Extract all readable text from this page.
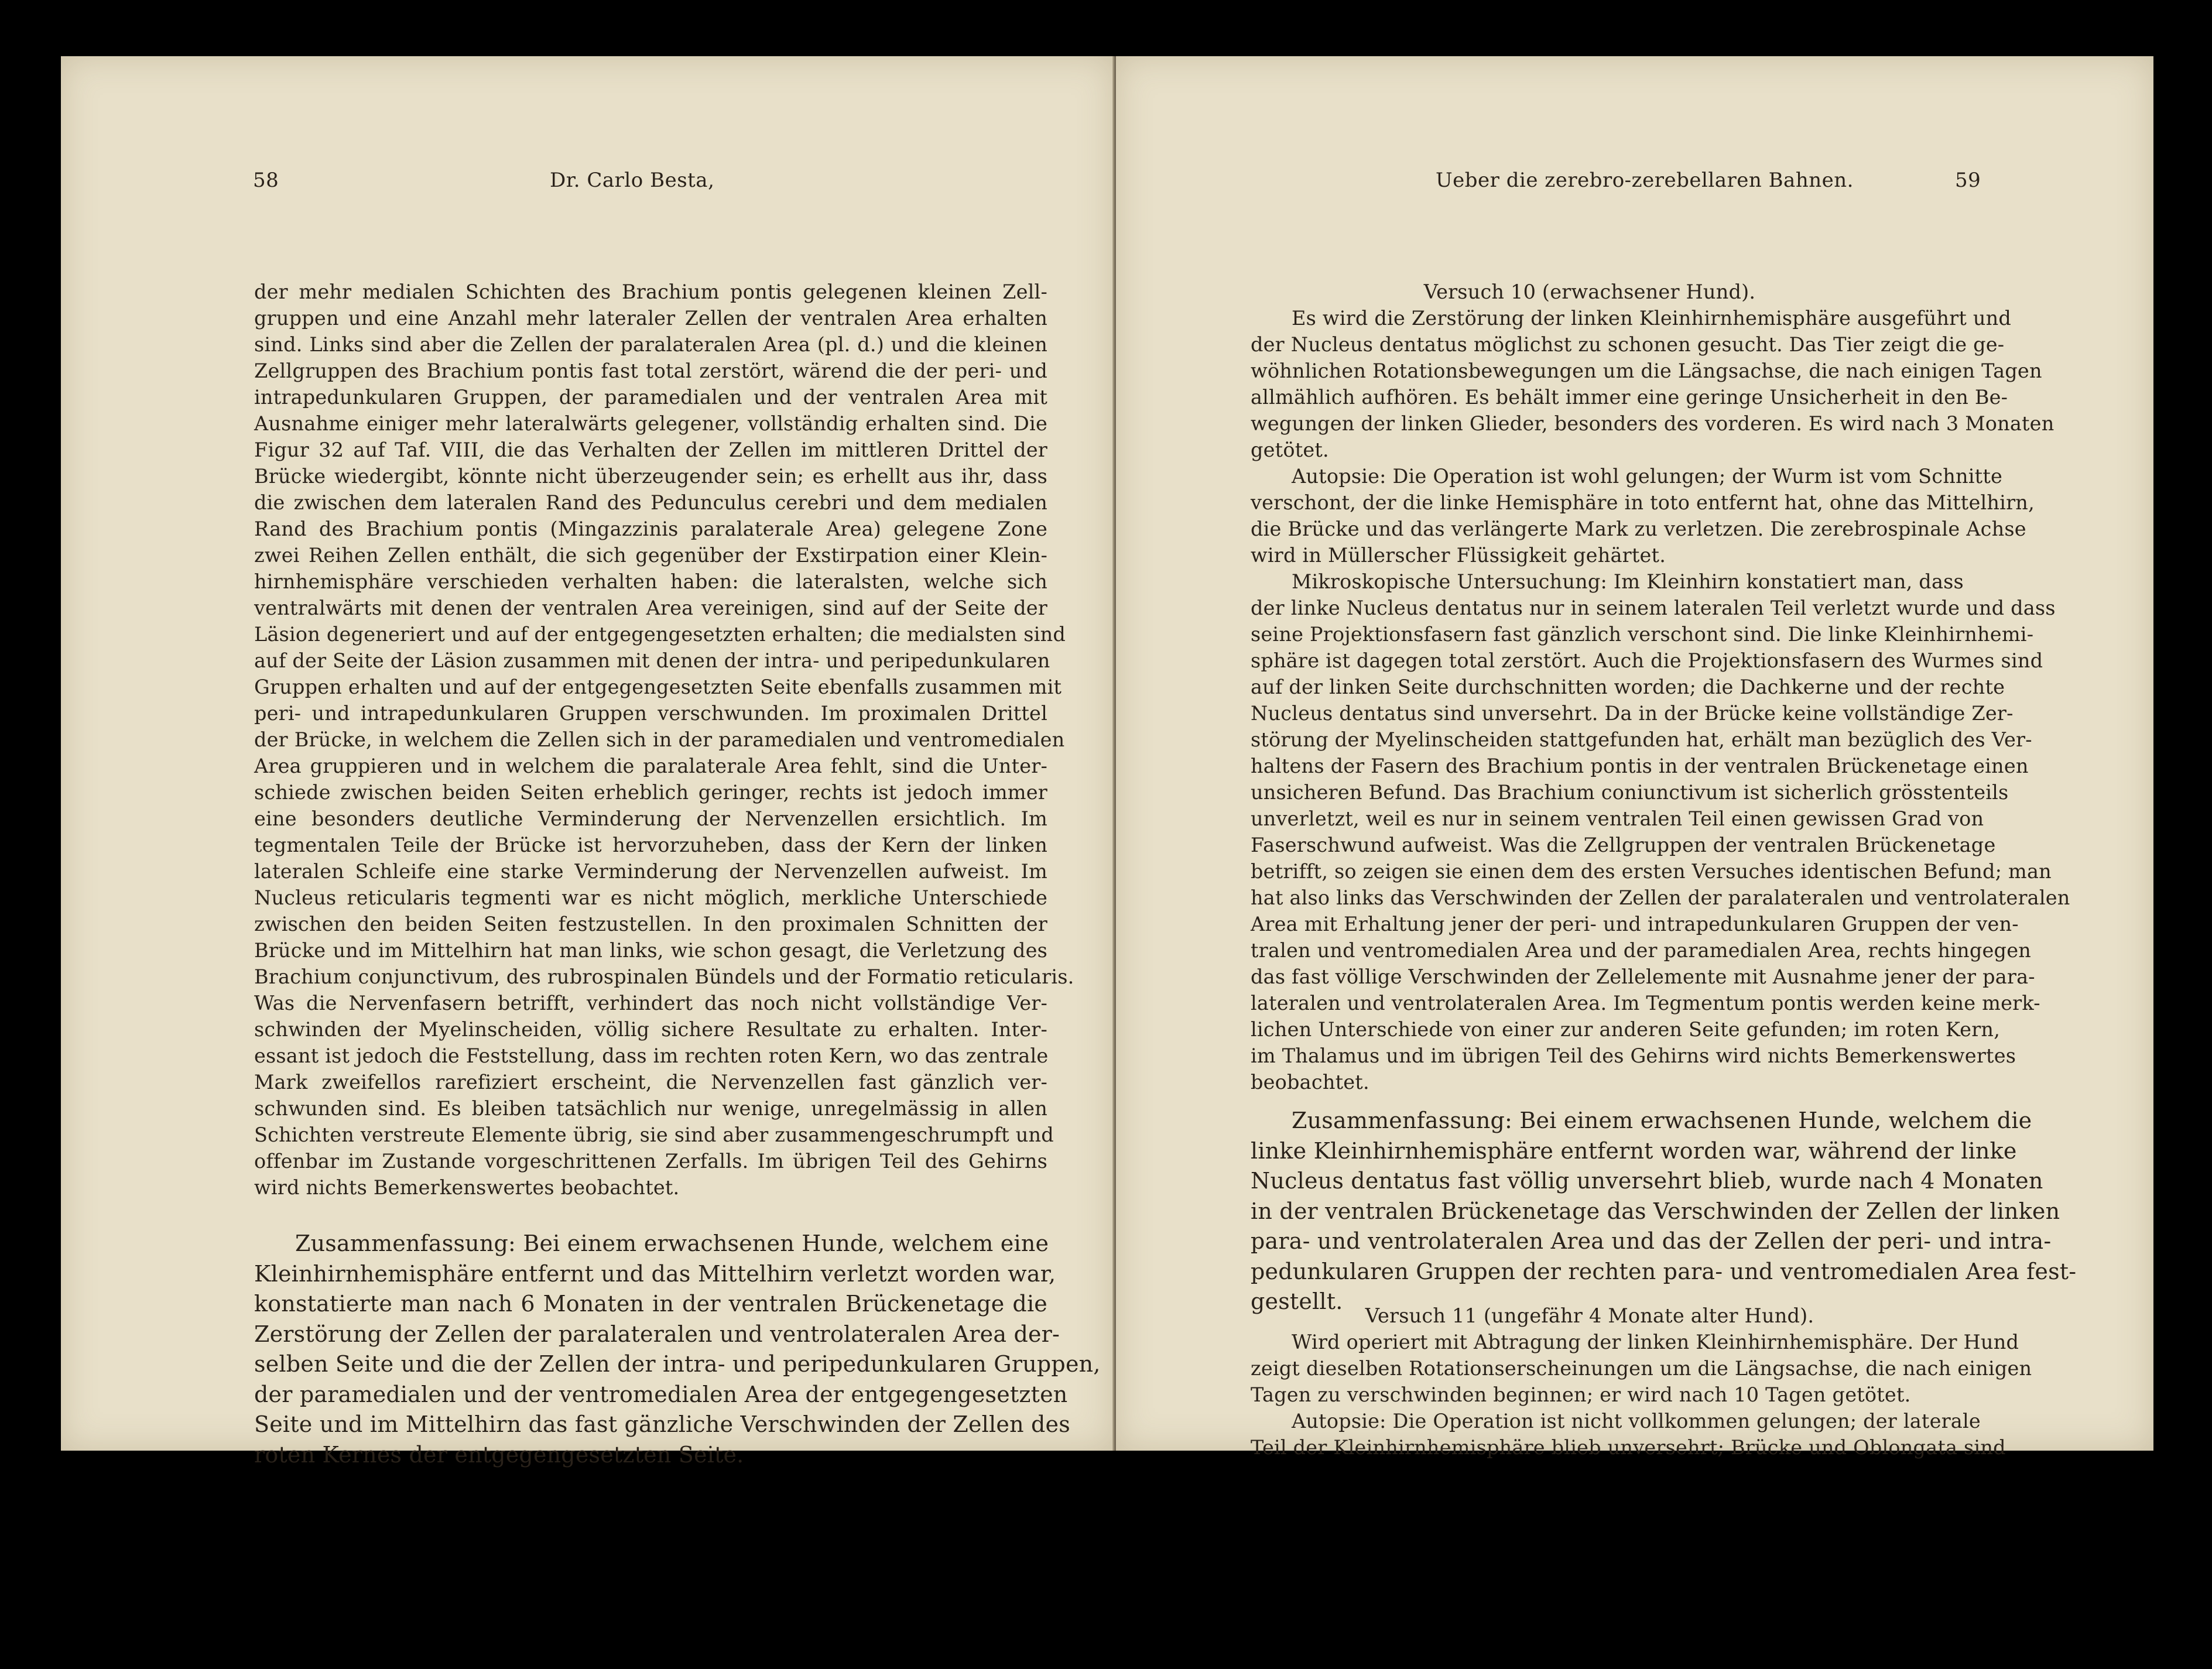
58	Dr. Carlo Besta,
der mehr medialen Schichten des Brachium pontis gelegenen kleinen Zell-
gruppen und eine Anzahl mehr lateraler Zellen der ventralen Area erhalten
sind. Links sind aber die Zellen der paralateralen Area (pl. d.) und die kleinen
Zellgruppen des Brachium pontis fast total zerstört, wärend die der peri- und
intrapedunkularen Gruppen, der paramedialen und der ventralen Area mit
Ausnahme einiger mehr lateralwärts gelegener, vollständig erhalten sind. Die
Figur 32 auf Taf. VIII, die das Verhalten der Zellen im mittleren Drittel der
Brücke wiedergibt, könnte nicht überzeugender sein; es erhellt aus ihr, dass
die zwischen dem lateralen Rand des Pedunculus cerebri und dem medialen
Rand des Brachium pontis (Mingazzinis paralaterale Area) gelegene Zone
zwei Reihen Zellen enthält, die sich gegenüber der Exstirpation einer Klein-
hirnhemisphäre verschieden verhalten haben: die lateralsten, welche sich
ventralwärts mit denen der ventralen Area vereinigen, sind auf der Seite der
Läsion degeneriert und auf der entgegengesetzten erhalten; die medialsten sind
auf der Seite der Läsion zusammen mit denen der intra- und peripedunkularen
Gruppen erhalten und auf der entgegengesetzten Seite ebenfalls zusammen mit
peri- und intrapedunkularen Gruppen verschwunden. Im proximalen Drittel
der Brücke, in welchem die Zellen sich in der paramedialen und ventromedialen
Area gruppieren und in welchem die paralaterale Area fehlt, sind die Unter-
schiede zwischen beiden Seiten erheblich geringer, rechts ist jedoch immer
eine besonders deutliche Verminderung der Nervenzellen ersichtlich. Im
tegmentalen Teile der Brücke ist hervorzuheben, dass der Kern der linken
lateralen Schleife eine starke Verminderung der Nervenzellen aufweist. Im
Nucleus reticularis tegmenti war es nicht möglich, merkliche Unterschiede
zwischen den beiden Seiten festzustellen. In den proximalen Schnitten der
Brücke und im Mittelhirn hat man links, wie schon gesagt, die Verletzung des
Brachium conjunctivum, des rubrospinalen Bündels und der Formatio reticularis.
Was die Nervenfasern betrifft, verhindert das noch nicht vollständige Ver-
schwinden der Myelinscheiden, völlig sichere Resultate zu erhalten. Inter-
essant ist jedoch die Feststellung, dass im rechten roten Kern, wo das zentrale
Mark zweifellos rarefiziert erscheint, die Nervenzellen fast gänzlich ver-
schwunden sind. Es bleiben tatsächlich nur wenige, unregelmässig in allen
Schichten verstreute Elemente übrig, sie sind aber zusammengeschrumpft und
offenbar im Zustande vorgeschrittenen Zerfalls. Im übrigen Teil des Gehirns
wird nichts Bemerkenswertes beobachtet.
Zusammenfassung: Bei einem erwachsenen Hunde, welchem eine
Kleinhirnhemisphäre entfernt und das Mittelhirn verletzt worden war,
konstatierte man nach 6 Monaten in der ventralen Brückenetage die
Zerstörung der Zellen der paralateralen und ventrolateralen Area der-
selben Seite und die der Zellen der intra- und peripedunkularen Gruppen,
der paramedialen und der ventromedialen Area der entgegengesetzten
Seite und im Mittelhirn das fast gänzliche Verschwinden der Zellen des
roten Kernes der entgegengesetzten Seite.
Ueber die zerebro-zerebellaren Bahnen.	59
Versuch 10 (erwachsener Hund).
Es wird die Zerstörung der linken Kleinhirnhemisphäre ausgeführt und
der Nucleus dentatus möglichst zu schonen gesucht. Das Tier zeigt die ge-
wöhnlichen Rotationsbewegungen um die Längsachse, die nach einigen Tagen
allmählich aufhören. Es behält immer eine geringe Unsicherheit in den Be-
wegungen der linken Glieder, besonders des vorderen. Es wird nach 3 Monaten
getötet.
Autopsie: Die Operation ist wohl gelungen; der Wurm ist vom Schnitte
verschont, der die linke Hemisphäre in toto entfernt hat, ohne das Mittelhirn,
die Brücke und das verlängerte Mark zu verletzen. Die zerebrospinale Achse
wird in Müllerscher Flüssigkeit gehärtet.
Mikroskopische Untersuchung: Im Kleinhirn konstatiert man, dass
der linke Nucleus dentatus nur in seinem lateralen Teil verletzt wurde und dass
seine Projektionsfasern fast gänzlich verschont sind. Die linke Kleinhirnhemi-
sphäre ist dagegen total zerstört. Auch die Projektionsfasern des Wurmes sind
auf der linken Seite durchschnitten worden; die Dachkerne und der rechte
Nucleus dentatus sind unversehrt. Da in der Brücke keine vollständige Zer-
störung der Myelinscheiden stattgefunden hat, erhält man bezüglich des Ver-
haltens der Fasern des Brachium pontis in der ventralen Brückenetage einen
unsicheren Befund. Das Brachium coniunctivum ist sicherlich grösstenteils
unverletzt, weil es nur in seinem ventralen Teil einen gewissen Grad von
Faserschwund aufweist. Was die Zellgruppen der ventralen Brückenetage
betrifft, so zeigen sie einen dem des ersten Versuches identischen Befund; man
hat also links das Verschwinden der Zellen der paralateralen und ventrolateralen
Area mit Erhaltung jener der peri- und intrapedunkularen Gruppen der ven-
tralen und ventromedialen Area und der paramedialen Area, rechts hingegen
das fast völlige Verschwinden der Zellelemente mit Ausnahme jener der para-
lateralen und ventrolateralen Area. Im Tegmentum pontis werden keine merk-
lichen Unterschiede von einer zur anderen Seite gefunden; im roten Kern,
im Thalamus und im übrigen Teil des Gehirns wird nichts Bemerkenswertes
beobachtet.
Zusammenfassung: Bei einem erwachsenen Hunde, welchem die
linke Kleinhirnhemisphäre entfernt worden war, während der linke
Nucleus dentatus fast völlig unversehrt blieb, wurde nach 4 Monaten
in der ventralen Brückenetage das Verschwinden der Zellen der linken
para- und ventrolateralen Area und das der Zellen der peri- und intra-
pedunkularen Gruppen der rechten para- und ventromedialen Area fest-
gestellt.
Versuch 11 (ungefähr 4 Monate alter Hund).
Wird operiert mit Abtragung der linken Kleinhirnhemisphäre. Der Hund
zeigt dieselben Rotationserscheinungen um die Längsachse, die nach einigen
Tagen zu verschwinden beginnen; er wird nach 10 Tagen getötet.
Autopsie: Die Operation ist nicht vollkommen gelungen; der laterale
Teil der Kleinhirnhemisphäre blieb unversehrt; Brücke und Oblongata sind
